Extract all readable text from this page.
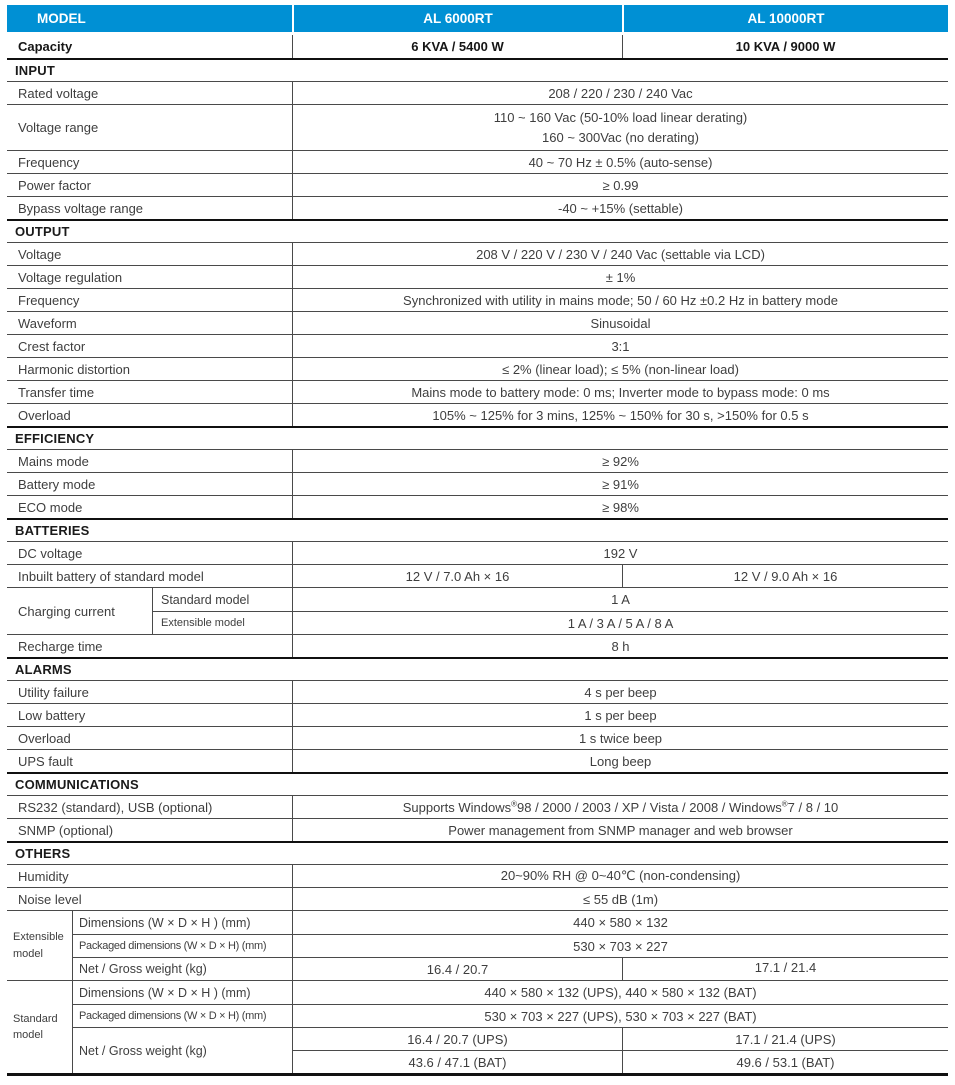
MODEL	AL 6000RT	AL 10000RT
Capacity	6 KVA / 5400 W	10 KVA / 9000 W
INPUT
Rated voltage	208 / 220 / 230 / 240 Vac
Voltage range
110 ~ 160 Vac (50-10% load linear derating)
160 ~ 300Vac (no derating)
Frequency	40 ~ 70 Hz ± 0.5% (auto-sense)
Power factor	≥ 0.99
Bypass voltage range	-40 ~ +15% (settable)
OUTPUT
Voltage	208 V / 220 V / 230 V / 240 Vac (settable via LCD)
Voltage regulation	± 1%
Frequency	Synchronized with utility in mains mode; 50 / 60 Hz ±0.2 Hz in battery mode
Waveform	Sinusoidal
Crest factor	3:1
Harmonic distortion	≤ 2% (linear load); ≤ 5% (non-linear load)
Transfer time	Mains mode to battery mode: 0 ms; Inverter mode to bypass mode: 0 ms
Overload	105% ~ 125% for 3 mins, 125% ~ 150% for 30 s, >150% for 0.5 s
EFFICIENCY
Mains mode	≥ 92%
Battery mode	≥ 91%
ECO mode	≥ 98%
BATTERIES
DC voltage	192 V
Inbuilt battery of standard model	12 V / 7.0 Ah × 16	12 V / 9.0 Ah × 16
Charging current
Standard model	1 A
Extensible model	1 A / 3 A / 5 A / 8 A
Recharge time	8 h
ALARMS
Utility failure	4 s per beep
Low battery	1 s per beep
Overload	1 s twice beep
UPS fault	Long beep
COMMUNICATIONS
RS232 (standard), USB (optional)	Supports Windows®98 / 2000 / 2003 / XP / Vista / 2008 / Windows®7 / 8 / 10
SNMP (optional)	Power management from SNMP manager and web browser
OTHERS
Humidity	20~90% RH @ 0~40℃ (non-condensing)
Noise level	≤ 55 dB (1m)
Extensible
model
Dimensions (W × D × H ) (mm)	440 × 580 × 132
Packaged dimensions (W × D × H) (mm)	530 × 703 × 227
Net / Gross weight (kg)	16.4 / 20.7	17.1 / 21.4
Standard
model
Dimensions (W × D × H ) (mm)	440 × 580 × 132 (UPS), 440 × 580 × 132 (BAT)
Packaged dimensions (W × D × H) (mm)	530 × 703 × 227 (UPS), 530 × 703 × 227 (BAT)
Net / Gross weight (kg)
16.4 / 20.7 (UPS)	17.1 / 21.4 (UPS)
43.6 / 47.1 (BAT)	49.6 / 53.1 (BAT)
